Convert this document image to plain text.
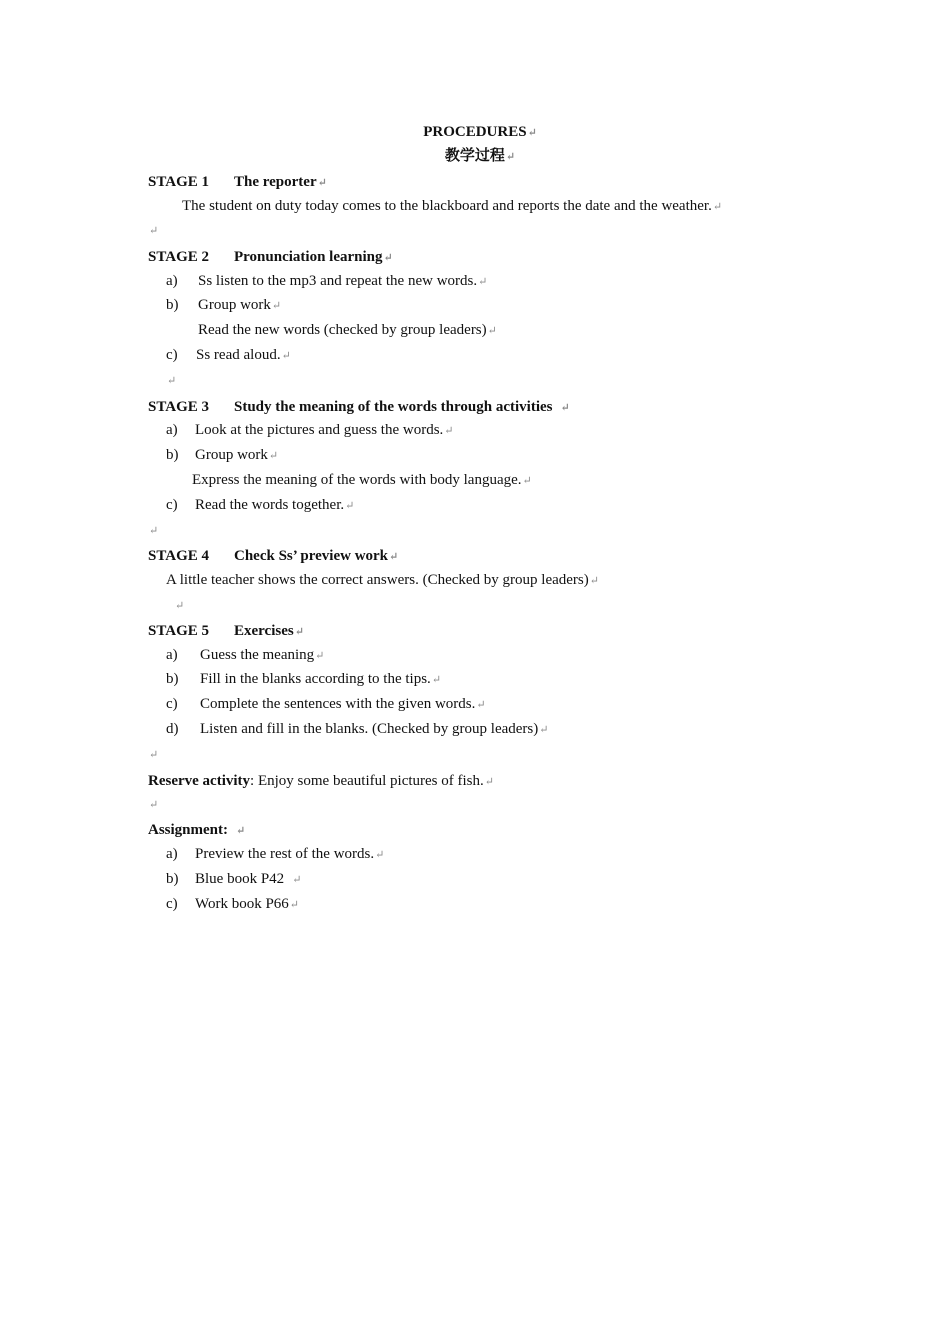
PROCEDURES↵
教学过程↵
STAGE 1 The reporter↵
The student on duty today comes to the blackboard and reports the date and the weather.↵
↵
STAGE 2 Pronunciation learning↵
a) Ss listen to the mp3 and repeat the new words.↵
b) Group work↵
Read the new words (checked by group leaders)↵
c) Ss read aloud.↵
↵
STAGE 3 Study the meaning of the words through activities ↵
a) Look at the pictures and guess the words.↵
b) Group work↵
Express the meaning of the words with body language.↵
c) Read the words together.↵
↵
STAGE 4 Check Ss’ preview work↵
A little teacher shows the correct answers. (Checked by group leaders)↵
↵
STAGE 5 Exercises↵
a) Guess the meaning↵
b) Fill in the blanks according to the tips.↵
c) Complete the sentences with the given words.↵
d) Listen and fill in the blanks. (Checked by group leaders)↵
↵
Reserve activity: Enjoy some beautiful pictures of fish.↵
↵
Assignment: ↵
a) Preview the rest of the words.↵
b) Blue book P42 ↵
c) Work book P66↵
